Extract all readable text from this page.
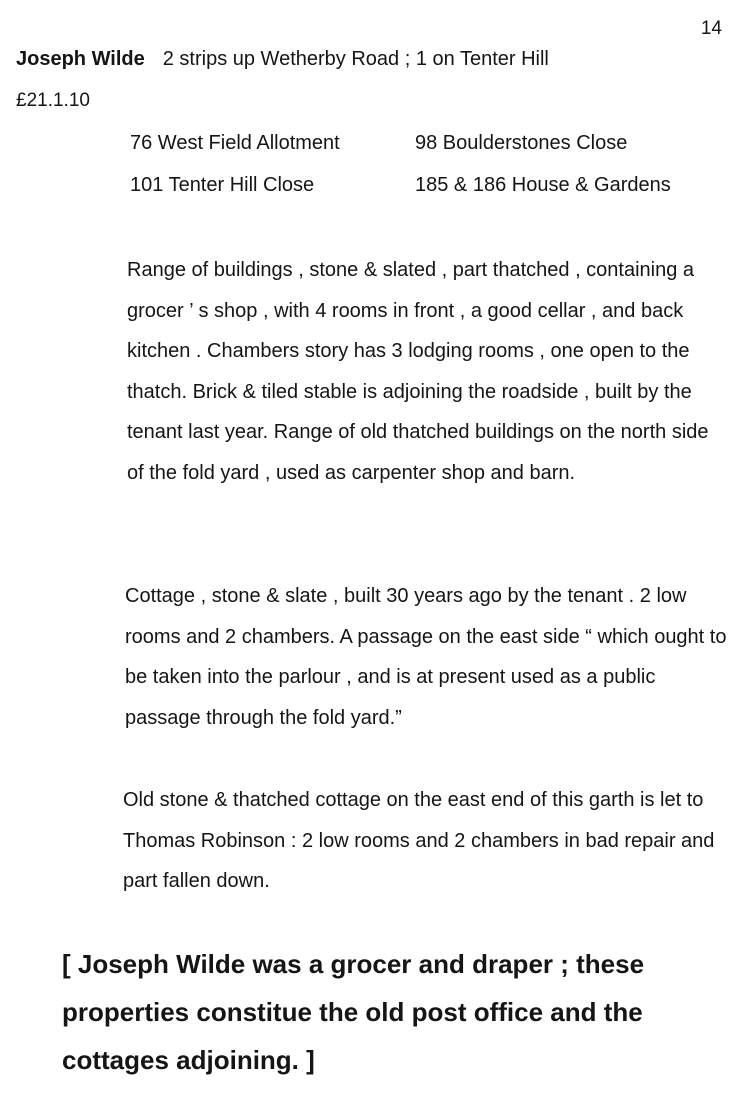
14
Joseph Wilde 2 strips up Wetherby Road ; 1 on Tenter Hill
£21.1.10
76 West Field Allotment	98 Boulderstones Close
101 Tenter Hill Close	185 & 186 House & Gardens

Range of buildings , stone & slated , part thatched , containing a grocer ’ s shop , with 4 rooms in front , a good cellar , and back kitchen . Chambers story has 3 lodging rooms , one open to the thatch. Brick & tiled stable is adjoining the roadside , built by the tenant last year. Range of old thatched buildings on the north side of the fold yard , used as carpenter shop and barn.

Cottage , stone & slate , built 30 years ago by the tenant . 2 low rooms and 2 chambers. A passage on the east side “ which ought to be taken into the parlour , and is at present used as a public passage through the fold yard.”

Old stone & thatched cottage on the east end of this garth is let to Thomas Robinson : 2 low rooms and 2 chambers in bad repair and part fallen down.

[ Joseph Wilde was a grocer and draper ; these properties constitue the old post office and the cottages adjoining. ]
